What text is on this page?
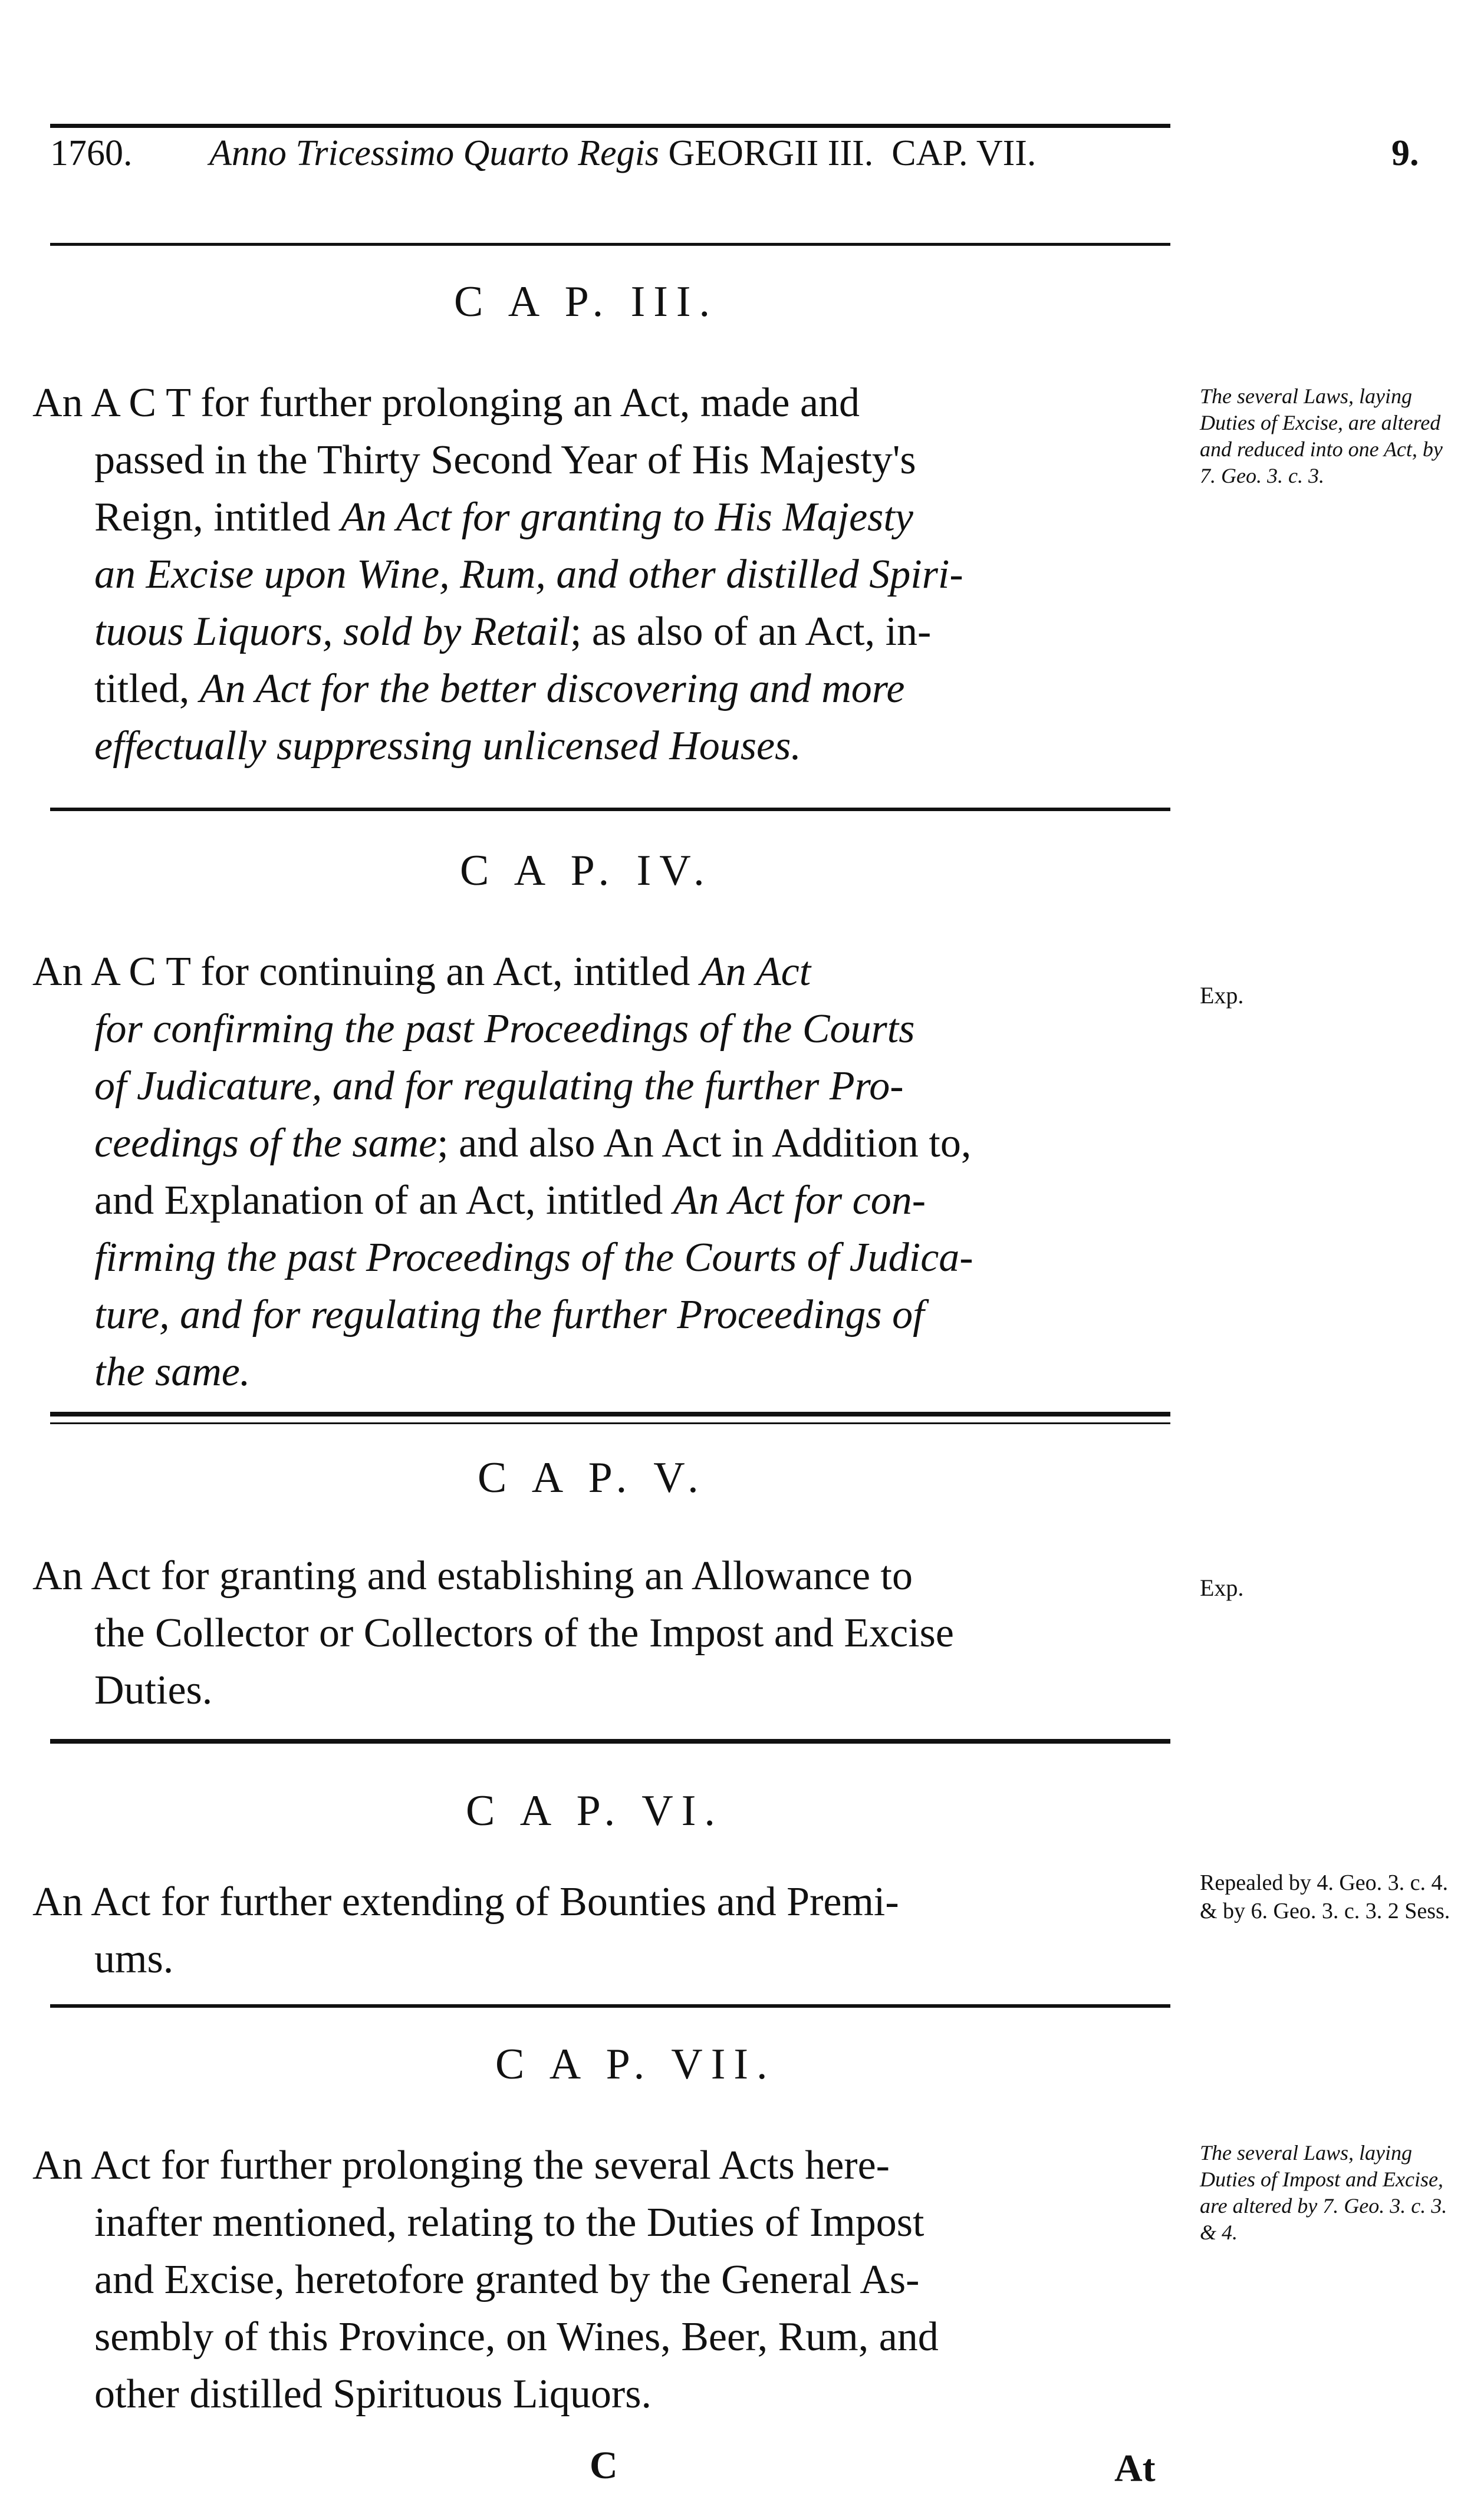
1760. Anno Tricessimo Quarto Regis GEORGII III. CAP. VII.	9.
C A P. III.
An A C T for further prolonging an Act, made and
passed in the Thirty Second Year of His Majesty's
Reign, intitled An Act for granting to His Majesty
an Excise upon Wine, Rum, and other distilled Spiri-
tuous Liquors, sold by Retail; as also of an Act, in-
titled, An Act for the better discovering and more
effectually suppressing unlicensed Houses.
The several Laws, laying Duties of Excise, are altered and reduced into one Act, by 7. Geo. 3. c. 3.
C A P. IV.
An A C T for continuing an Act, intitled An Act
for confirming the past Proceedings of the Courts
of Judicature, and for regulating the further Pro-
ceedings of the same; and also An Act in Addition to,
and Explanation of an Act, intitled An Act for con-
firming the past Proceedings of the Courts of Judica-
ture, and for regulating the further Proceedings of
the same.
Exp.
C A P. V.
An Act for granting and establishing an Allowance to
the Collector or Collectors of the Impost and Excise
Duties.
Exp.
C A P. VI.
An Act for further extending of Bounties and Premi-
ums.
Repealed by 4. Geo. 3. c. 4. & by 6. Geo. 3. c. 3. 2 Sess.
C A P. VII.
An Act for further prolonging the several Acts here-
inafter mentioned, relating to the Duties of Impost
and Excise, heretofore granted by the General As-
sembly of this Province, on Wines, Beer, Rum, and
other distilled Spirituous Liquors.
The several Laws, laying Duties of Impost and Excise, are altered by 7. Geo. 3. c. 3. & 4.
C	At
